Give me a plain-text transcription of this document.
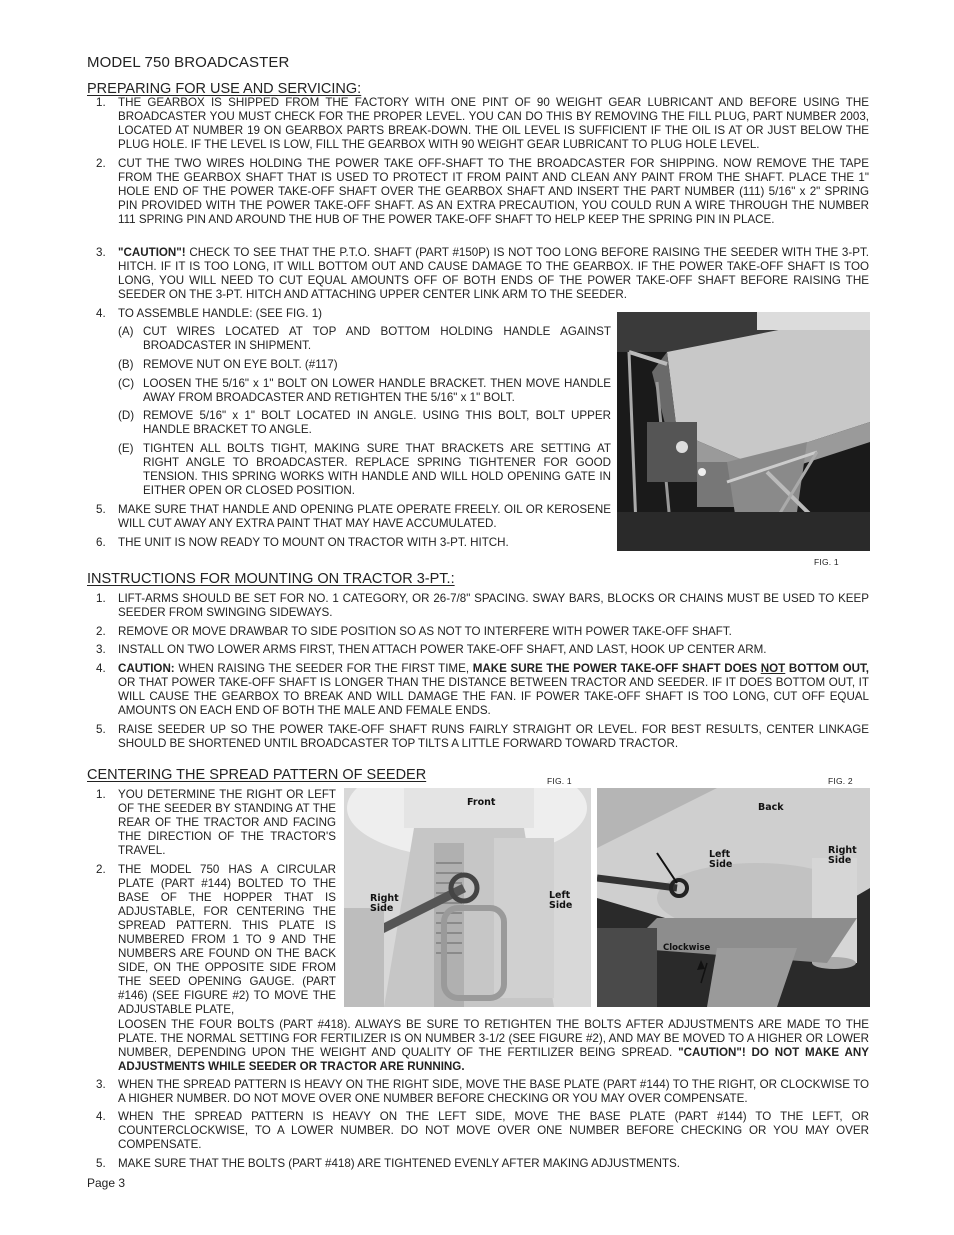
MODEL 750 BROADCASTER
PREPARING FOR USE AND SERVICING:
1. THE GEARBOX IS SHIPPED FROM THE FACTORY WITH ONE PINT OF 90 WEIGHT GEAR LUBRICANT AND BEFORE USING THE BROADCASTER YOU MUST CHECK FOR THE PROPER LEVEL. YOU CAN DO THIS BY REMOVING THE FILL PLUG, PART NUMBER 2003, LOCATED AT NUMBER 19 ON GEARBOX PARTS BREAK-DOWN. THE OIL LEVEL IS SUFFICIENT IF THE OIL IS AT OR JUST BELOW THE PLUG HOLE. IF THE LEVEL IS LOW, FILL THE GEARBOX WITH 90 WEIGHT GEAR LUBRICANT TO PLUG HOLE LEVEL.
2. CUT THE TWO WIRES HOLDING THE POWER TAKE OFF-SHAFT TO THE BROADCASTER FOR SHIPPING. NOW REMOVE THE TAPE FROM THE GEARBOX SHAFT THAT IS USED TO PROTECT IT FROM PAINT AND CLEAN ANY PAINT FROM THE SHAFT. PLACE THE 1" HOLE END OF THE POWER TAKE-OFF SHAFT OVER THE GEARBOX SHAFT AND INSERT THE PART NUMBER (111) 5/16" x 2" SPRING PIN PROVIDED WITH THE POWER TAKE-OFF SHAFT. AS AN EXTRA PRECAUTION, YOU COULD RUN A WIRE THROUGH THE NUMBER 111 SPRING PIN AND AROUND THE HUB OF THE POWER TAKE-OFF SHAFT TO HELP KEEP THE SPRING PIN IN PLACE.
3. "CAUTION"! CHECK TO SEE THAT THE P.T.O. SHAFT (PART #150P) IS NOT TOO LONG BEFORE RAISING THE SEEDER WITH THE 3-PT. HITCH. IF IT IS TOO LONG, IT WILL BOTTOM OUT AND CAUSE DAMAGE TO THE GEARBOX. IF THE POWER TAKE-OFF SHAFT IS TOO LONG, YOU WILL NEED TO CUT EQUAL AMOUNTS OFF OF BOTH ENDS OF THE POWER TAKE-OFF SHAFT BEFORE RAISING THE SEEDER ON THE 3-PT. HITCH AND ATTACHING UPPER CENTER LINK ARM TO THE SEEDER.
4. TO ASSEMBLE HANDLE: (SEE FIG. 1)
(A) CUT WIRES LOCATED AT TOP AND BOTTOM HOLDING HANDLE AGAINST BROADCASTER IN SHIPMENT.
(B) REMOVE NUT ON EYE BOLT. (#117)
(C) LOOSEN THE 5/16" x 1" BOLT ON LOWER HANDLE BRACKET. THEN MOVE HANDLE AWAY FROM BROADCASTER AND RETIGHTEN THE 5/16" x 1" BOLT.
(D) REMOVE 5/16" x 1" BOLT LOCATED IN ANGLE. USING THIS BOLT, BOLT UPPER HANDLE BRACKET TO ANGLE.
(E) TIGHTEN ALL BOLTS TIGHT, MAKING SURE THAT BRACKETS ARE SETTING AT RIGHT ANGLE TO BROADCASTER. REPLACE SPRING TIGHTENER FOR GOOD TENSION. THIS SPRING WORKS WITH HANDLE AND WILL HOLD OPENING GATE IN EITHER OPEN OR CLOSED POSITION.
5. MAKE SURE THAT HANDLE AND OPENING PLATE OPERATE FREELY. OIL OR KEROSENE WILL CUT AWAY ANY EXTRA PAINT THAT MAY HAVE ACCUMULATED.
6. THE UNIT IS NOW READY TO MOUNT ON TRACTOR WITH 3-PT. HITCH.
FIG. 1
INSTRUCTIONS FOR MOUNTING ON TRACTOR 3-PT.:
1. LIFT-ARMS SHOULD BE SET FOR NO. 1 CATEGORY, OR 26-7/8" SPACING. SWAY BARS, BLOCKS OR CHAINS MUST BE USED TO KEEP SEEDER FROM SWINGING SIDEWAYS.
2. REMOVE OR MOVE DRAWBAR TO SIDE POSITION SO AS NOT TO INTERFERE WITH POWER TAKE-OFF SHAFT.
3. INSTALL ON TWO LOWER ARMS FIRST, THEN ATTACH POWER TAKE-OFF SHAFT, AND LAST, HOOK UP CENTER ARM.
4. CAUTION: WHEN RAISING THE SEEDER FOR THE FIRST TIME, MAKE SURE THE POWER TAKE-OFF SHAFT DOES NOT BOTTOM OUT, OR THAT POWER TAKE-OFF SHAFT IS LONGER THAN THE DISTANCE BETWEEN TRACTOR AND SEEDER. IF IT DOES BOTTOM OUT, IT WILL CAUSE THE GEARBOX TO BREAK AND WILL DAMAGE THE FAN. IF POWER TAKE-OFF SHAFT IS TOO LONG, CUT OFF EQUAL AMOUNTS ON EACH END OF BOTH THE MALE AND FEMALE ENDS.
5. RAISE SEEDER UP SO THE POWER TAKE-OFF SHAFT RUNS FAIRLY STRAIGHT OR LEVEL. FOR BEST RESULTS, CENTER LINKAGE SHOULD BE SHORTENED UNTIL BROADCASTER TOP TILTS A LITTLE FORWARD TOWARD TRACTOR.
CENTERING THE SPREAD PATTERN OF SEEDER	FIG. 1	FIG. 2
1. YOU DETERMINE THE RIGHT OR LEFT OF THE SEEDER BY STANDING AT THE REAR OF THE TRACTOR AND FACING THE DIRECTION OF THE TRACTOR'S TRAVEL.
2. THE MODEL 750 HAS A CIRCULAR PLATE (PART #144) BOLTED TO THE BASE OF THE HOPPER THAT IS ADJUSTABLE, FOR CENTERING THE SPREAD PATTERN. THIS PLATE IS NUMBERED FROM 1 TO 9 AND THE NUMBERS ARE FOUND ON THE BACK SIDE, ON THE OPPOSITE SIDE FROM THE SEED OPENING GAUGE. (PART #146) (SEE FIGURE #2) TO MOVE THE ADJUSTABLE PLATE,
LOOSEN THE FOUR BOLTS (PART #418). ALWAYS BE SURE TO RETIGHTEN THE BOLTS AFTER ADJUSTMENTS ARE MADE TO THE PLATE. THE NORMAL SETTING FOR FERTILIZER IS ON NUMBER 3-1/2 (SEE FIGURE #2), AND MAY BE MOVED TO A HIGHER OR LOWER NUMBER, DEPENDING UPON THE WEIGHT AND QUALITY OF THE FERTILIZER BEING SPREAD. "CAUTION"! DO NOT MAKE ANY ADJUSTMENTS WHILE SEEDER OR TRACTOR ARE RUNNING.
3. WHEN THE SPREAD PATTERN IS HEAVY ON THE RIGHT SIDE, MOVE THE BASE PLATE (PART #144) TO THE RIGHT, OR CLOCKWISE TO A HIGHER NUMBER. DO NOT MOVE OVER ONE NUMBER BEFORE CHECKING OR YOU MAY OVER COMPENSATE.
4. WHEN THE SPREAD PATTERN IS HEAVY ON THE LEFT SIDE, MOVE THE BASE PLATE (PART #144) TO THE LEFT, OR COUNTERCLOCKWISE, TO A LOWER NUMBER. DO NOT MOVE OVER ONE NUMBER BEFORE CHECKING OR YOU MAY OVER COMPENSATE.
5. MAKE SURE THAT THE BOLTS (PART #418) ARE TIGHTENED EVENLY AFTER MAKING ADJUSTMENTS.
Front
Right
Side
Left
Side
Back
Left
Side
Right
Side
Clockwise
Page 3
